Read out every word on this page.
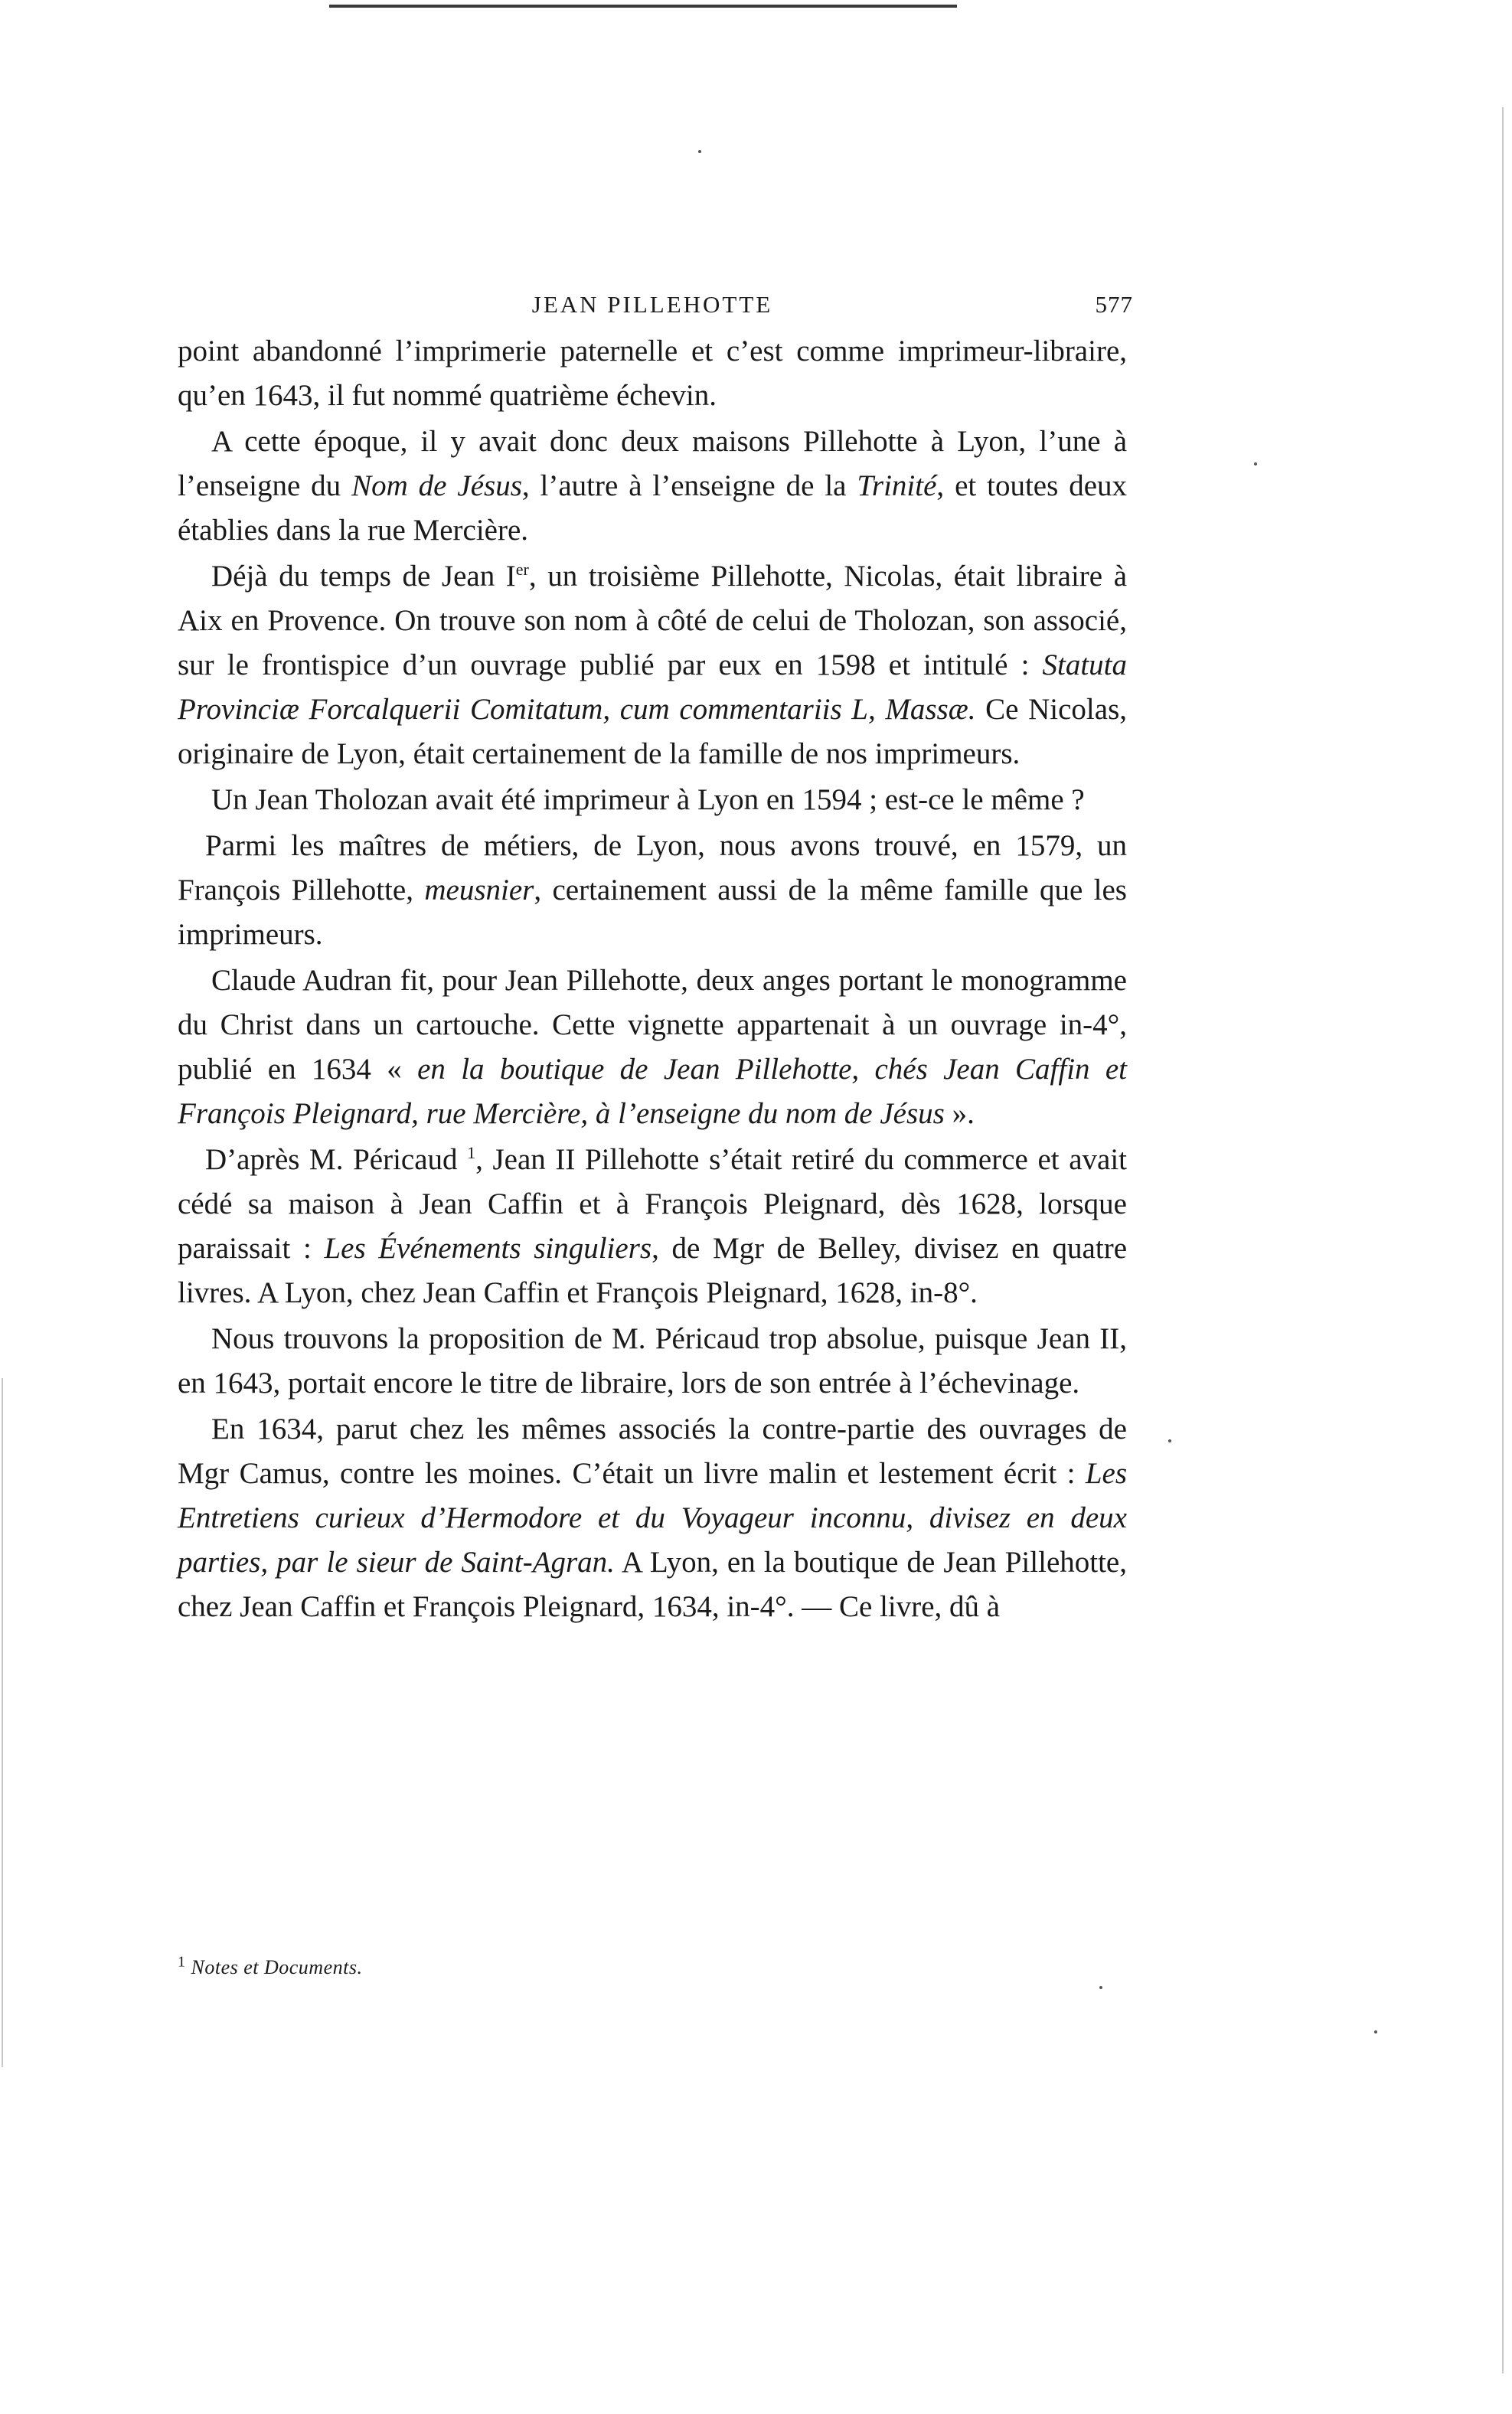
JEAN PILLEHOTTE	577

point abandonné l’imprimerie paternelle et c’est comme imprimeur-libraire, qu’en 1643, il fut nommé quatrième échevin.

A cette époque, il y avait donc deux maisons Pillehotte à Lyon, l’une à l’enseigne du Nom de Jésus, l’autre à l’enseigne de la Trinité, et toutes deux établies dans la rue Mercière.

Déjà du temps de Jean Ier, un troisième Pillehotte, Nicolas, était libraire à Aix en Provence. On trouve son nom à côté de celui de Tholozan, son associé, sur le frontispice d’un ouvrage publié par eux en 1598 et intitulé : Statuta Provinciæ Forcalquerii Comitatum, cum commentariis L, Massæ. Ce Nicolas, originaire de Lyon, était certainement de la famille de nos imprimeurs.

Un Jean Tholozan avait été imprimeur à Lyon en 1594 ; est-ce le même ?

Parmi les maîtres de métiers, de Lyon, nous avons trouvé, en 1579, un François Pillehotte, meusnier, certainement aussi de la même famille que les imprimeurs.

Claude Audran fit, pour Jean Pillehotte, deux anges portant le monogramme du Christ dans un cartouche. Cette vignette appartenait à un ouvrage in-4°, publié en 1634 « en la boutique de Jean Pillehotte, chés Jean Caffin et François Pleignard, rue Mercière, à l’enseigne du nom de Jésus ».

D’après M. Péricaud $^1$, Jean II Pillehotte s’était retiré du commerce et avait cédé sa maison à Jean Caffin et à François Pleignard, dès 1628, lorsque paraissait : Les Événements singuliers, de Mgr de Belley, divisez en quatre livres. A Lyon, chez Jean Caffin et François Pleignard, 1628, in-8°.

Nous trouvons la proposition de M. Péricaud trop absolue, puisque Jean II, en 1643, portait encore le titre de libraire, lors de son entrée à l’échevinage.

En 1634, parut chez les mêmes associés la contre-partie des ouvrages de Mgr Camus, contre les moines. C’était un livre malin et lestement écrit : Les Entretiens curieux d’Hermodore et du Voyageur inconnu, divisez en deux parties, par le sieur de Saint-Agran. A Lyon, en la boutique de Jean Pillehotte, chez Jean Caffin et François Pleignard, 1634, in-4°. — Ce livre, dû à

$^1$ Notes et Documents.
